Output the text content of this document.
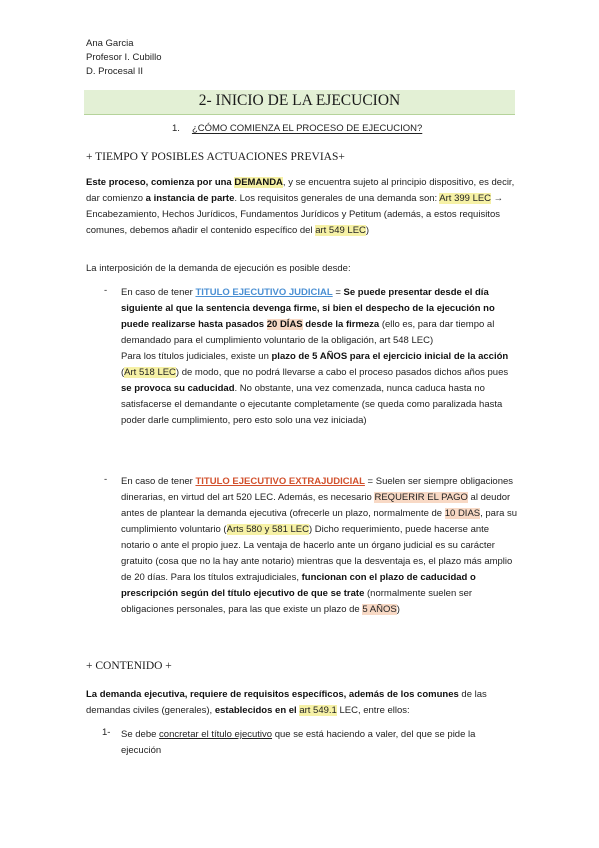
Ana Garcia
Profesor I. Cubillo
D. Procesal II
2- INICIO DE LA EJECUCION
1. ¿CÓMO COMIENZA EL PROCESO DE EJECUCION?
+ TIEMPO Y POSIBLES ACTUACIONES PREVIAS+
Este proceso, comienza por una DEMANDA, y se encuentra sujeto al principio dispositivo, es decir, dar comienzo a instancia de parte. Los requisitos generales de una demanda son: Art 399 LEC → Encabezamiento, Hechos Jurídicos, Fundamentos Jurídicos y Petitum (además, a estos requisitos comunes, debemos añadir el contenido específico del art 549 LEC)
La interposición de la demanda de ejecución es posible desde:
- En caso de tener TITULO EJECUTIVO JUDICIAL = Se puede presentar desde el día siguiente al que la sentencia devenga firme, si bien el despecho de la ejecución no puede realizarse hasta pasados 20 DÍAS desde la firmeza (ello es, para dar tiempo al demandado para el cumplimiento voluntario de la obligación, art 548 LEC)
Para los títulos judiciales, existe un plazo de 5 AÑOS para el ejercicio inicial de la acción (Art 518 LEC) de modo, que no podrá llevarse a cabo el proceso pasados dichos años pues se provoca su caducidad. No obstante, una vez comenzada, nunca caduca hasta no satisfacerse el demandante o ejecutante completamente (se queda como paralizada hasta poder darle cumplimiento, pero esto solo una vez iniciada)
- En caso de tener TITULO EJECUTIVO EXTRAJUDICIAL = Suelen ser siempre obligaciones dinerarias, en virtud del art 520 LEC. Además, es necesario REQUERIR EL PAGO al deudor antes de plantear la demanda ejecutiva (ofrecerle un plazo, normalmente de 10 DIAS, para su cumplimiento voluntario (Arts 580 y 581 LEC) Dicho requerimiento, puede hacerse ante notario o ante el propio juez. La ventaja de hacerlo ante un órgano judicial es su carácter gratuito (cosa que no la hay ante notario) mientras que la desventaja es, el plazo más amplio de 20 días. Para los títulos extrajudiciales, funcionan con el plazo de caducidad o prescripción según del título ejecutivo de que se trate (normalmente suelen ser obligaciones personales, para las que existe un plazo de 5 AÑOS)
+ CONTENIDO +
La demanda ejecutiva, requiere de requisitos específicos, además de los comunes de las demandas civiles (generales), establecidos en el art 549.1 LEC, entre ellos:
1- Se debe concretar el título ejecutivo que se está haciendo a valer, del que se pide la ejecución
